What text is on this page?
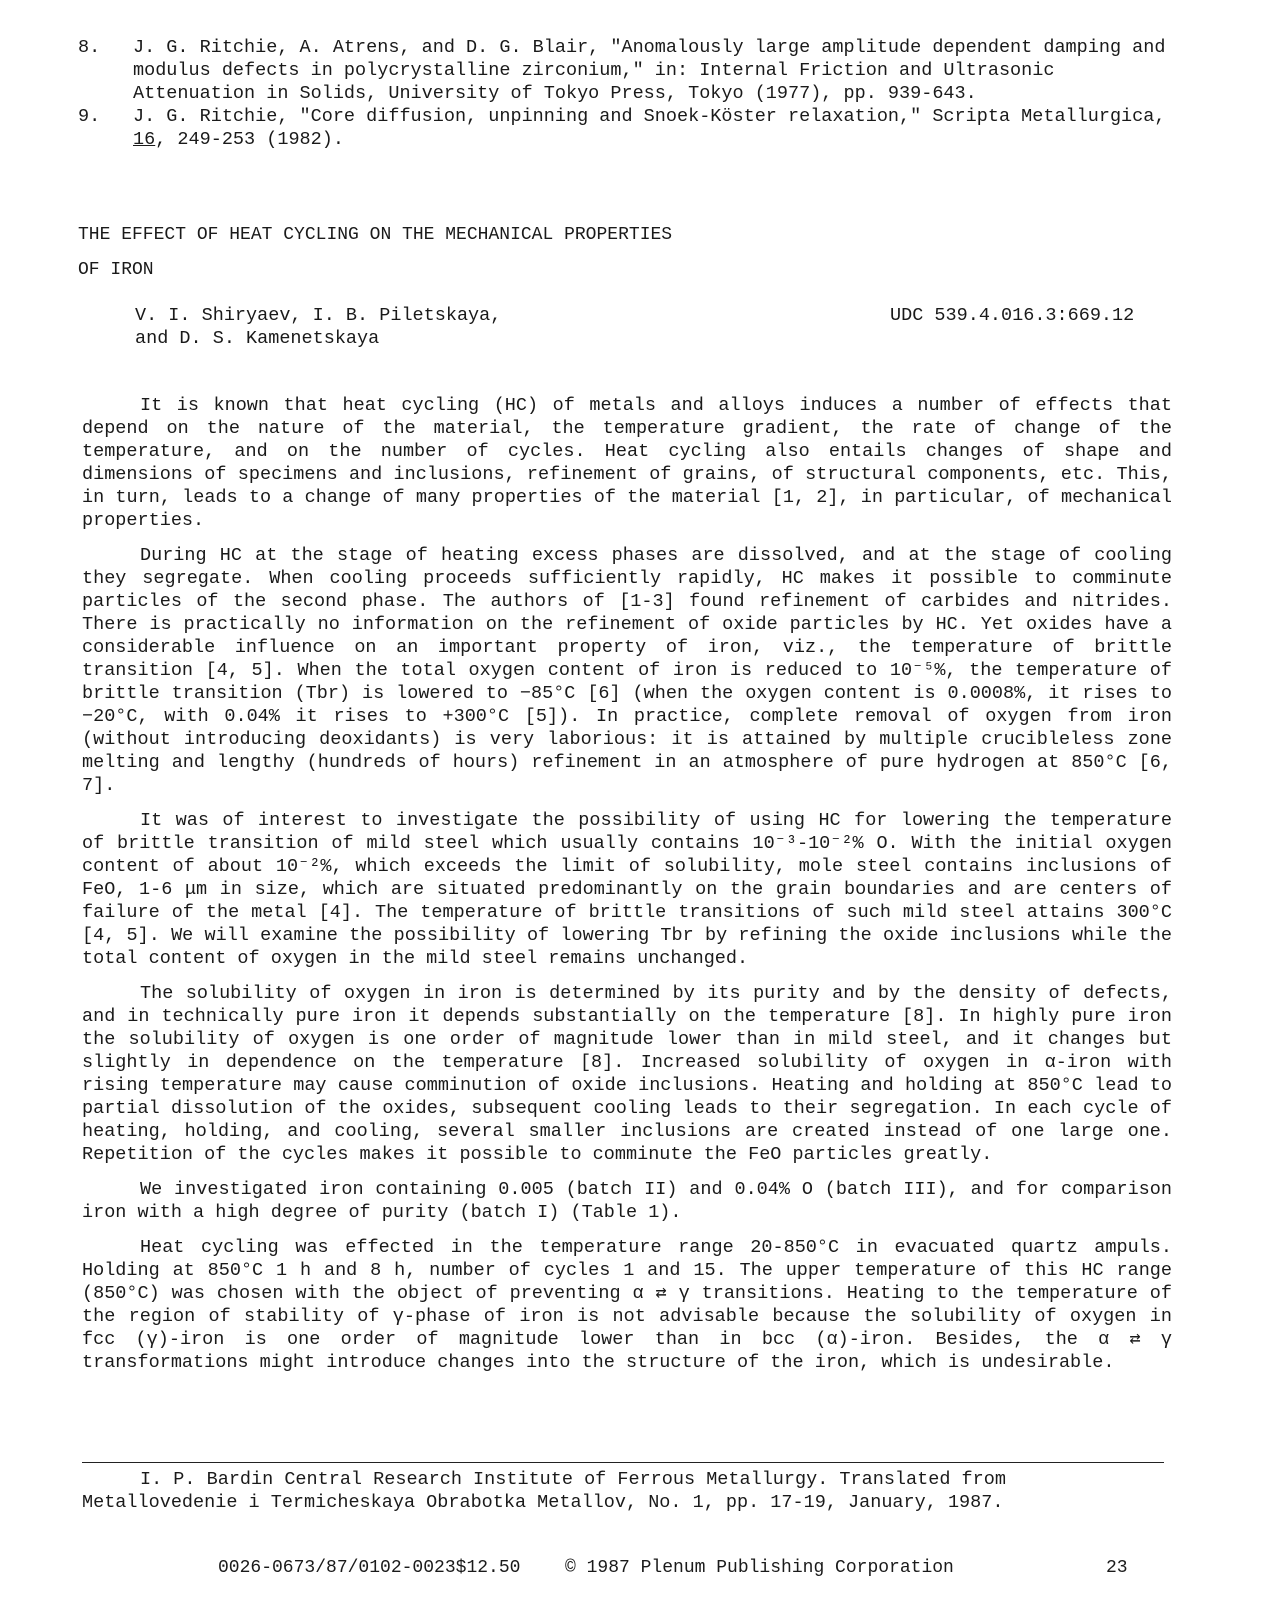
8. J. G. Ritchie, A. Atrens, and D. G. Blair, "Anomalously large amplitude dependent damping and modulus defects in polycrystalline zirconium," in: Internal Friction and Ultrasonic Attenuation in Solids, University of Tokyo Press, Tokyo (1977), pp. 939-643.
9. J. G. Ritchie, "Core diffusion, unpinning and Snoek-Köster relaxation," Scripta Metallurgica, 16, 249-253 (1982).
THE EFFECT OF HEAT CYCLING ON THE MECHANICAL PROPERTIES
OF IRON
V. I. Shiryaev, I. B. Piletskaya,
and D. S. Kamenetskaya
UDC 539.4.016.3:669.12

It is known that heat cycling (HC) of metals and alloys induces a number of effects that depend on the nature of the material, the temperature gradient, the rate of change of the temperature, and on the number of cycles. Heat cycling also entails changes of shape and dimensions of specimens and inclusions, refinement of grains, of structural components, etc. This, in turn, leads to a change of many properties of the material [1, 2], in particular, of mechanical properties.

During HC at the stage of heating excess phases are dissolved, and at the stage of cooling they segregate. When cooling proceeds sufficiently rapidly, HC makes it possible to comminute particles of the second phase. The authors of [1-3] found refinement of carbides and nitrides. There is practically no information on the refinement of oxide particles by HC. Yet oxides have a considerable influence on an important property of iron, viz., the temperature of brittle transition [4, 5]. When the total oxygen content of iron is reduced to 10⁻⁵%, the temperature of brittle transition (Tbr) is lowered to −85°C [6] (when the oxygen content is 0.0008%, it rises to −20°C, with 0.04% it rises to +300°C [5]). In practice, complete removal of oxygen from iron (without introducing deoxidants) is very laborious: it is attained by multiple crucibleless zone melting and lengthy (hundreds of hours) refinement in an atmosphere of pure hydrogen at 850°C [6, 7].

It was of interest to investigate the possibility of using HC for lowering the temperature of brittle transition of mild steel which usually contains 10⁻³-10⁻²% O. With the initial oxygen content of about 10⁻²%, which exceeds the limit of solubility, mole steel contains inclusions of FeO, 1-6 μm in size, which are situated predominantly on the grain boundaries and are centers of failure of the metal [4]. The temperature of brittle transitions of such mild steel attains 300°C [4, 5]. We will examine the possibility of lowering Tbr by refining the oxide inclusions while the total content of oxygen in the mild steel remains unchanged.

The solubility of oxygen in iron is determined by its purity and by the density of defects, and in technically pure iron it depends substantially on the temperature [8]. In highly pure iron the solubility of oxygen is one order of magnitude lower than in mild steel, and it changes but slightly in dependence on the temperature [8]. Increased solubility of oxygen in α-iron with rising temperature may cause comminution of oxide inclusions. Heating and holding at 850°C lead to partial dissolution of the oxides, subsequent cooling leads to their segregation. In each cycle of heating, holding, and cooling, several smaller inclusions are created instead of one large one. Repetition of the cycles makes it possible to comminute the FeO particles greatly.

We investigated iron containing 0.005 (batch II) and 0.04% O (batch III), and for comparison iron with a high degree of purity (batch I) (Table 1).

Heat cycling was effected in the temperature range 20-850°C in evacuated quartz ampuls. Holding at 850°C 1 h and 8 h, number of cycles 1 and 15. The upper temperature of this HC range (850°C) was chosen with the object of preventing α ⇄ γ transitions. Heating to the temperature of the region of stability of γ-phase of iron is not advisable because the solubility of oxygen in fcc (γ)-iron is one order of magnitude lower than in bcc (α)-iron. Besides, the α ⇄ γ transformations might introduce changes into the structure of the iron, which is undesirable.

I. P. Bardin Central Research Institute of Ferrous Metallurgy. Translated from Metallovedenie i Termicheskaya Obrabotka Metallov, No. 1, pp. 17-19, January, 1987.

0026-0673/87/0102-0023$12.50 © 1987 Plenum Publishing Corporation	23
